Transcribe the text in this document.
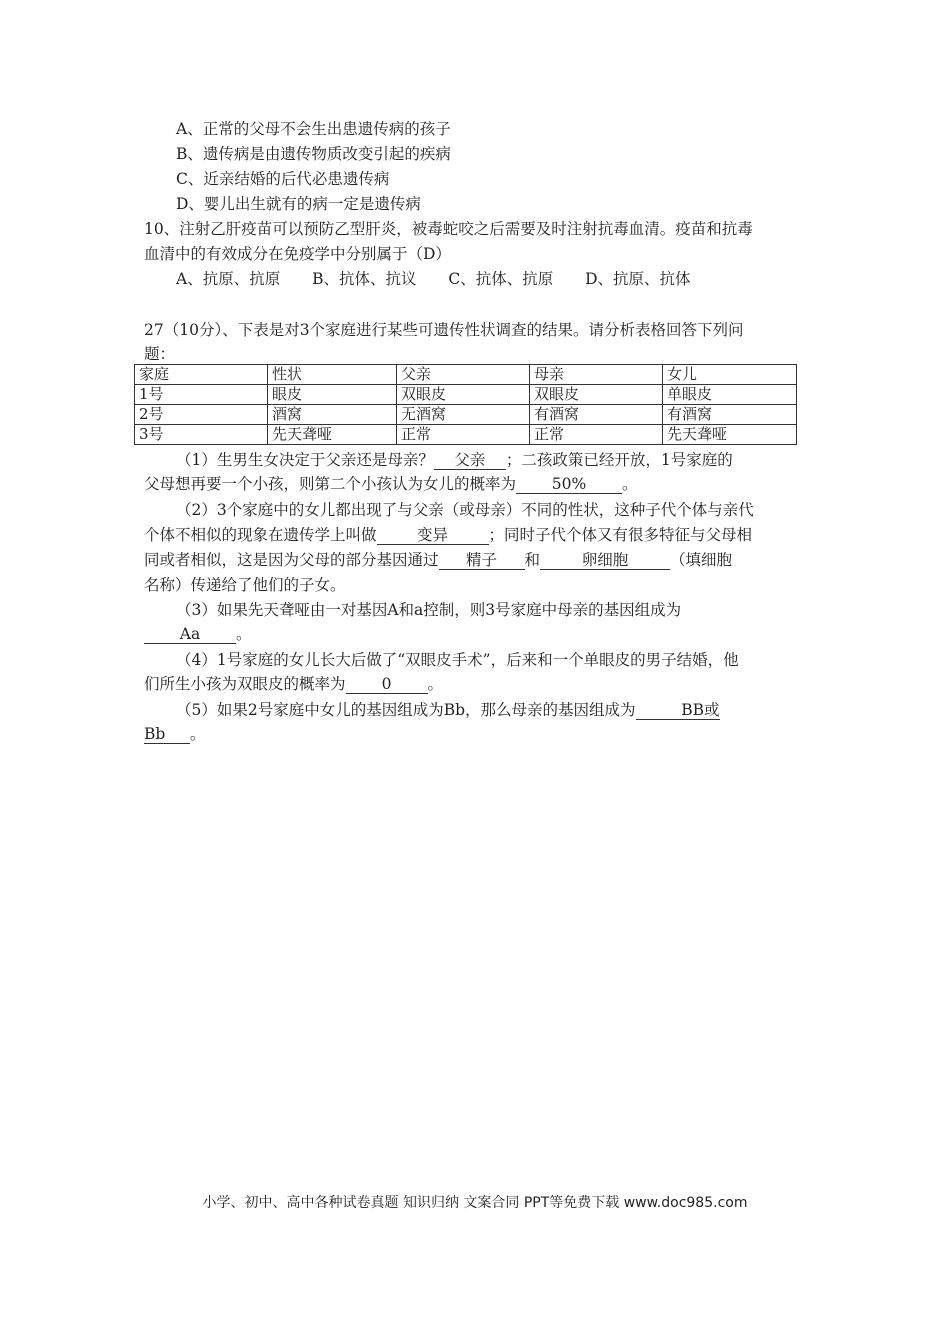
A、正常的父母不会生出患遗传病的孩子
B、遗传病是由遗传物质改变引起的疾病
C、近亲结婚的后代必患遗传病
D、婴儿出生就有的病一定是遗传病
10、注射乙肝疫苗可以预防乙型肝炎，被毒蛇咬之后需要及时注射抗毒血清。疫苗和抗毒
血清中的有效成分在免疫学中分别属于（D）
A、抗原、抗原 B、抗体、抗议 C、抗体、抗原 D、抗原、抗体
27（10分）、下表是对3个家庭进行某些可遗传性状调查的结果。请分析表格回答下列问
题：
家庭	性状	父亲	母亲	女儿
1号	眼皮	双眼皮	双眼皮	单眼皮
2号	酒窝	无酒窝	有酒窝	有酒窝
3号	先天聋哑	正常	正常	先天聋哑
（1）生男生女决定于父亲还是母亲？ 父亲 ；二孩政策已经开放，1号家庭的
父母想再要一个小孩，则第二个小孩认为女儿的概率为 50% 。
（2）3个家庭中的女儿都出现了与父亲（或母亲）不同的性状，这种子代个体与亲代
个体不相似的现象在遗传学上叫做	变异	；同时子代个体又有很多特征与父母相
同或者相似，这是因为父母的部分基因通过 精子 和	卵细胞	（填细胞
名称）传递给了他们的子女。
（3）如果先天聋哑由一对基因A和a控制，则3号家庭中母亲的基因组成为
Aa 。
（4）1号家庭的女儿长大后做了“双眼皮手术”，后来和一个单眼皮的男子结婚，他
们所生小孩为双眼皮的概率为 0 。
（5）如果2号家庭中女儿的基因组成为Bb，那么母亲的基因组成为	BB或
Bb 。
小学、初中、高中各种试卷真题 知识归纳 文案合同 PPT等免费下载 www.doc985.com
